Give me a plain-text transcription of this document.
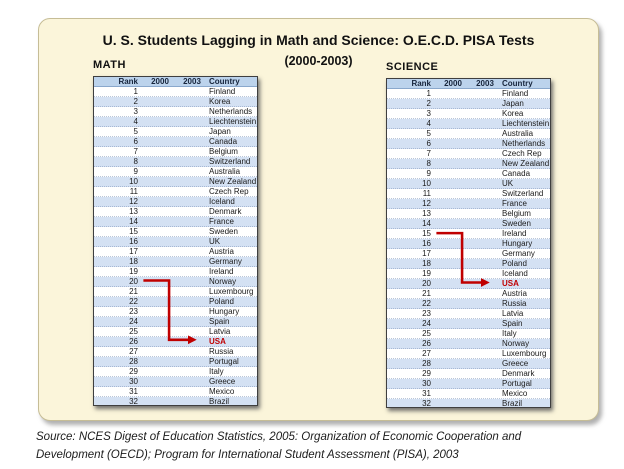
U. S. Students Lagging in Math and Science: O.E.C.D. PISA Tests
(2000-2003)
MATH
Rank	2000	2003	Country
1	Finland
2	Korea
3	Netherlands
4	Liechtenstein
5	Japan
6	Canada
7	Belgium
8	Switzerland
9	Australia
10	New Zealand
11	Czech Rep
12	Iceland
13	Denmark
14	France
15	Sweden
16	UK
17	Austria
18	Germany
19	Ireland
20	Norway
21	Luxembourg
22	Poland
23	Hungary
24	Spain
25	Latvia
26	USA
27	Russia
28	Portugal
29	Italy
30	Greece
31	Mexico
32	Brazil
SCIENCE
Rank	2000	2003	Country
1	Finland
2	Japan
3	Korea
4	Liechtenstein
5	Australia
6	Netherlands
7	Czech Rep
8	New Zealand
9	Canada
10	UK
11	Switzerland
12	France
13	Belgium
14	Sweden
15	Ireland
16	Hungary
17	Germany
18	Poland
19	Iceland
20	USA
21	Austria
22	Russia
23	Latvia
24	Spain
25	Italy
26	Norway
27	Luxembourg
28	Greece
29	Denmark
30	Portugal
31	Mexico
32	Brazil
Source: NCES Digest of Education Statistics, 2005: Organization of Economic Cooperation and
Development (OECD); Program for International Student Assessment (PISA), 2003
